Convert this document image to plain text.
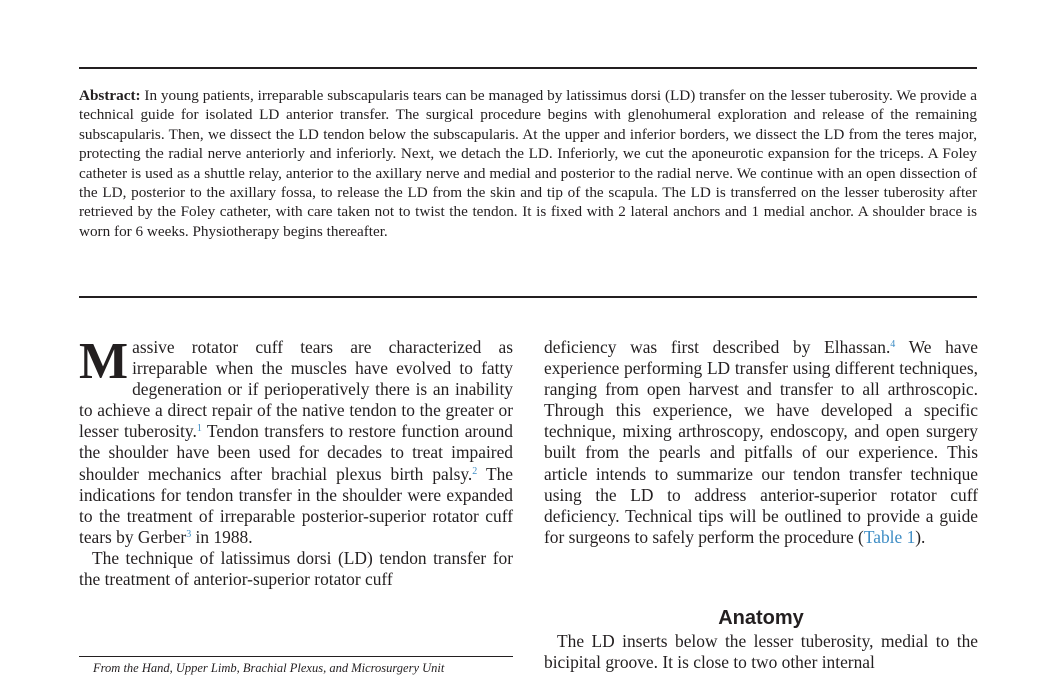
Abstract: In young patients, irreparable subscapularis tears can be managed by latissimus dorsi (LD) transfer on the lesser tuberosity. We provide a technical guide for isolated LD anterior transfer. The surgical procedure begins with glenohumeral exploration and release of the remaining subscapularis. Then, we dissect the LD tendon below the subscapularis. At the upper and inferior borders, we dissect the LD from the teres major, protecting the radial nerve anteriorly and inferiorly. Next, we detach the LD. Inferiorly, we cut the aponeurotic expansion for the triceps. A Foley catheter is used as a shuttle relay, anterior to the axillary nerve and medial and posterior to the radial nerve. We continue with an open dissection of the LD, posterior to the axillary fossa, to release the LD from the skin and tip of the scapula. The LD is transferred on the lesser tuberosity after retrieved by the Foley catheter, with care taken not to twist the tendon. It is fixed with 2 lateral anchors and 1 medial anchor. A shoulder brace is worn for 6 weeks. Physiotherapy begins thereafter.

Massive rotator cuff tears are characterized as irreparable when the muscles have evolved to fatty degeneration or if perioperatively there is an inability to achieve a direct repair of the native tendon to the greater or lesser tuberosity.$^1$ Tendon transfers to restore function around the shoulder have been used for decades to treat impaired shoulder mechanics after brachial plexus birth palsy.$^2$ The indications for tendon transfer in the shoulder were expanded to the treatment of irreparable posterior-superior rotator cuff tears by Gerber$^3$ in 1988.

The technique of latissimus dorsi (LD) tendon transfer for the treatment of anterior-superior rotator cuff

deficiency was first described by Elhassan.$^4$ We have experience performing LD transfer using different techniques, ranging from open harvest and transfer to all arthroscopic. Through this experience, we have developed a specific technique, mixing arthroscopy, endoscopy, and open surgery built from the pearls and pitfalls of our experience. This article intends to summarize our tendon transfer technique using the LD to address anterior-superior rotator cuff deficiency. Technical tips will be outlined to provide a guide for surgeons to safely perform the procedure (Table 1).

Anatomy

The LD inserts below the lesser tuberosity, medial to the bicipital groove. It is close to two other internal

From the Hand, Upper Limb, Brachial Plexus, and Microsurgery Unit
